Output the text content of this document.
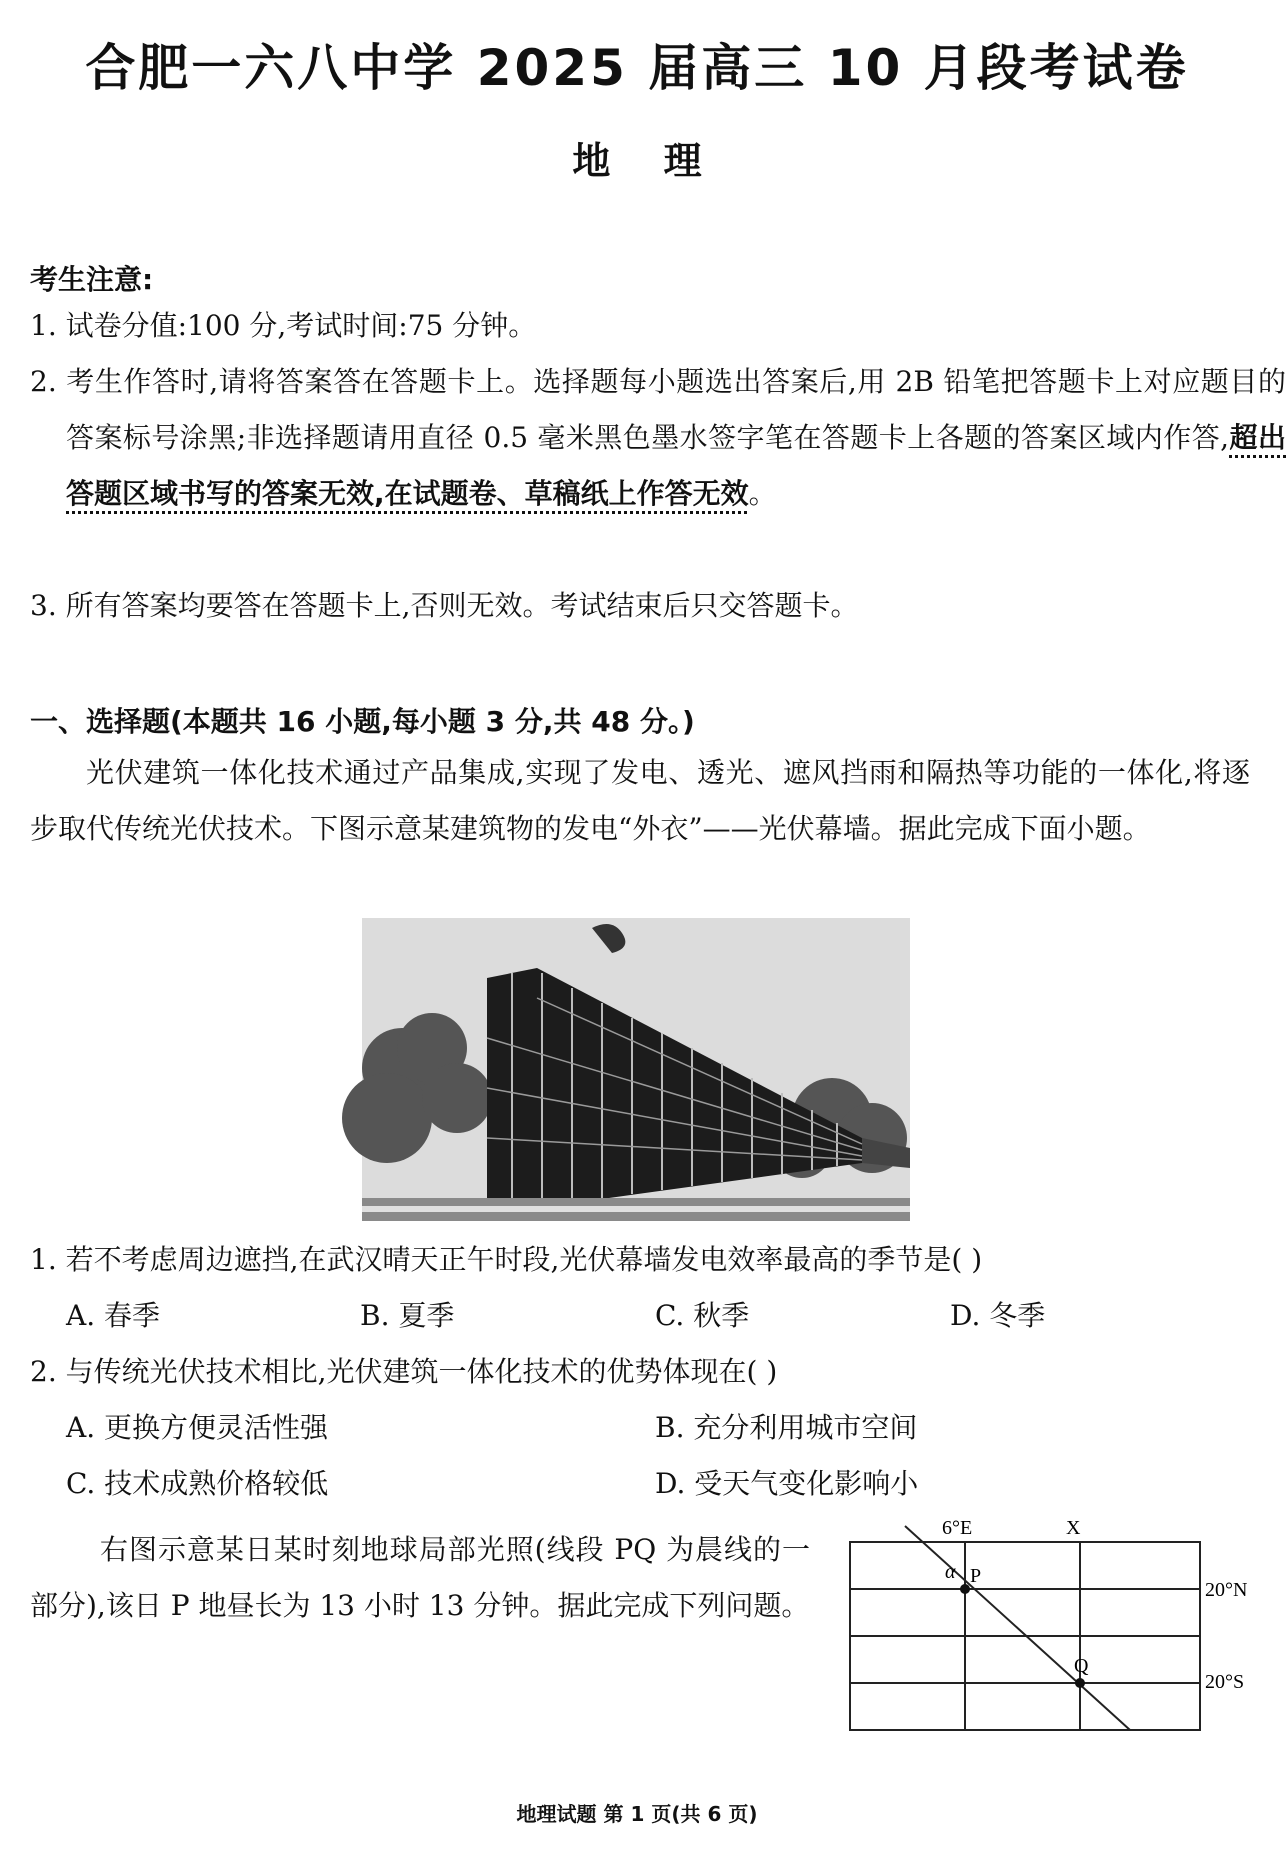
合肥一六八中学 2025 届高三 10 月段考试卷
地 理
考生注意:
1. 试卷分值:100 分,考试时间:75 分钟。
2. 考生作答时,请将答案答在答题卡上。选择题每小题选出答案后,用 2B 铅笔把答题卡上对应题目的答案标号涂黑;非选择题请用直径 0.5 毫米黑色墨水签字笔在答题卡上各题的答案区域内作答,超出答题区域书写的答案无效,在试题卷、草稿纸上作答无效。
3. 所有答案均要答在答题卡上,否则无效。考试结束后只交答题卡。
一、选择题(本题共 16 小题,每小题 3 分,共 48 分。)
光伏建筑一体化技术通过产品集成,实现了发电、透光、遮风挡雨和隔热等功能的一体化,将逐步取代传统光伏技术。下图示意某建筑物的发电“外衣”——光伏幕墙。据此完成下面小题。
1. 若不考虑周边遮挡,在武汉晴天正午时段,光伏幕墙发电效率最高的季节是( )
A. 春季	B. 夏季	C. 秋季	D. 冬季
2. 与传统光伏技术相比,光伏建筑一体化技术的优势体现在( )
A. 更换方便灵活性强	B. 充分利用城市空间
C. 技术成熟价格较低	D. 受天气变化影响小
右图示意某日某时刻地球局部光照(线段 PQ 为晨线的一部分),该日 P 地昼长为 13 小时 13 分钟。据此完成下列问题。
6°E	X
20°N
20°S
α P
Q
地理试题 第 1 页(共 6 页)
